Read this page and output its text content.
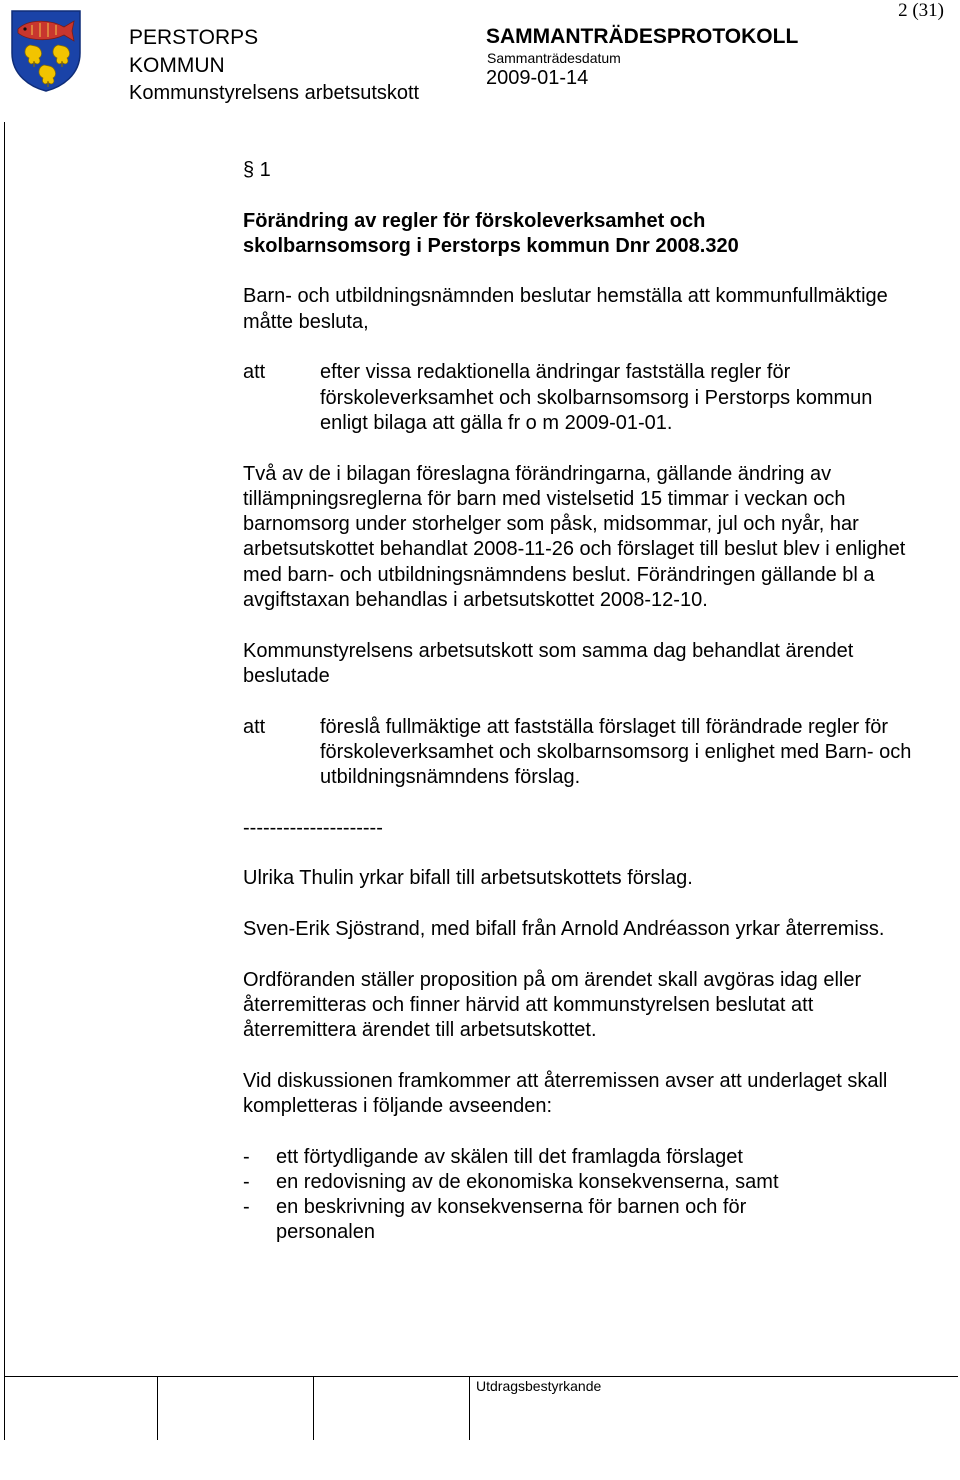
2 (31)
PERSTORPS
KOMMUN
Kommunstyrelsens arbetsutskott
SAMMANTRÄDESPROTOKOLL
Sammanträdesdatum
2009-01-14

§ 1

Förändring av regler för förskoleverksamhet och

skolbarnsomsorg i Perstorps kommun Dnr 2008.320

Barn- och utbildningsnämnden beslutar hemställa att kommunfullmäktige måtte besluta,

att	efter vissa redaktionella ändringar fastställa regler för förskoleverksamhet och skolbarnsomsorg i Perstorps kommun enligt bilaga att gälla fr o m 2009-01-01.

Två av de i bilagan föreslagna förändringarna, gällande ändring av tillämpningsreglerna för barn med vistelsetid 15 timmar i veckan och barnomsorg under storhelger som påsk, midsommar, jul och nyår, har arbetsutskottet behandlat 2008-11-26 och förslaget till beslut blev i enlighet med barn- och utbildningsnämndens beslut. Förändringen gällande bl a avgiftstaxan behandlas i arbetsutskottet 2008-12-10.

Kommunstyrelsens arbetsutskott som samma dag behandlat ärendet beslutade

att	föreslå fullmäktige att fastställa förslaget till förändrade regler för förskoleverksamhet och skolbarnsomsorg i enlighet med Barn- och utbildningsnämndens förslag.

---------------------

Ulrika Thulin yrkar bifall till arbetsutskottets förslag.

Sven-Erik Sjöstrand, med bifall från Arnold Andréasson yrkar återremiss.

Ordföranden ställer proposition på om ärendet skall avgöras idag eller återremitteras och finner härvid att kommunstyrelsen beslutat att återremittera ärendet till arbetsutskottet.

Vid diskussionen framkommer att återremissen avser att underlaget skall kompletteras i följande avseenden:

-	ett förtydligande av skälen till det framlagda förslaget
-	en redovisning av de ekonomiska konsekvenserna, samt
-	en beskrivning av konsekvenserna för barnen och för personalen
Utdragsbestyrkande
